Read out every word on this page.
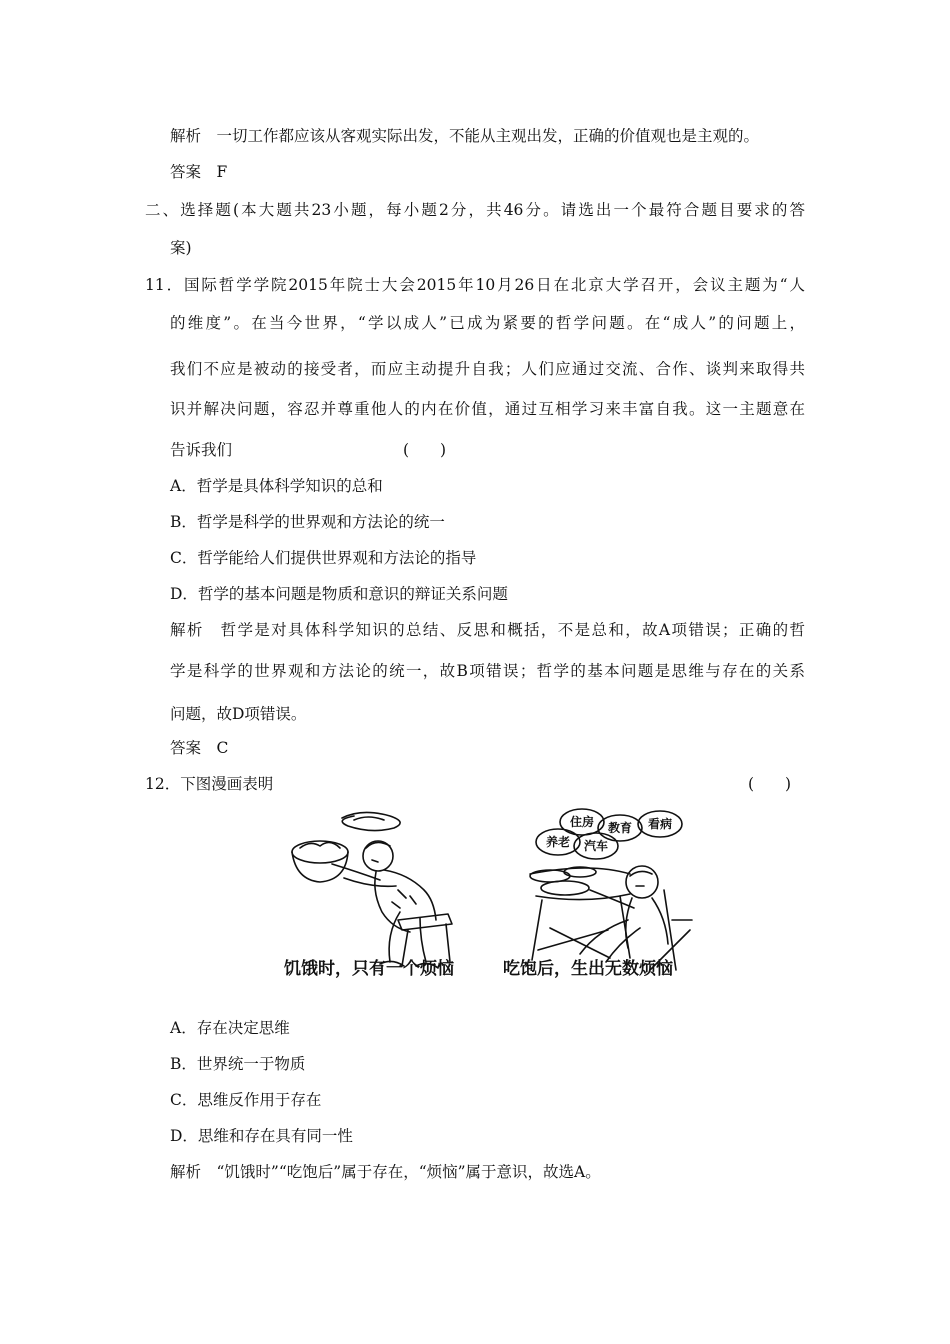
解析　一切工作都应该从客观实际出发，不能从主观出发，正确的价值观也是主观的。
答案　F
二、选择题(本大题共23小题，每小题2分，共46分。请选出一个最符合题目要求的答
案)
11．国际哲学学院2015年院士大会2015年10月26日在北京大学召开，会议主题为“人
的维度”。在当今世界，“学以成人”已成为紧要的哲学问题。在“成人”的问题上，
我们不应是被动的接受者，而应主动提升自我；人们应通过交流、合作、谈判来取得共
识并解决问题，容忍并尊重他人的内在价值，通过互相学习来丰富自我。这一主题意在
告诉我们	(　　)
A．哲学是具体科学知识的总和
B．哲学是科学的世界观和方法论的统一
C．哲学能给人们提供世界观和方法论的指导
D．哲学的基本问题是物质和意识的辩证关系问题
解析　哲学是对具体科学知识的总结、反思和概括，不是总和，故A项错误；正确的哲
学是科学的世界观和方法论的统一，故B项错误；哲学的基本问题是思维与存在的关系
问题，故D项错误。
答案　C
12．下图漫画表明	(　　)
住房 教育 看病
养老 汽车
饥饿时，只有一个烦恼	吃饱后，生出无数烦恼
A．存在决定思维
B．世界统一于物质
C．思维反作用于存在
D．思维和存在具有同一性
解析　“饥饿时”“吃饱后”属于存在，“烦恼”属于意识，故选A。
